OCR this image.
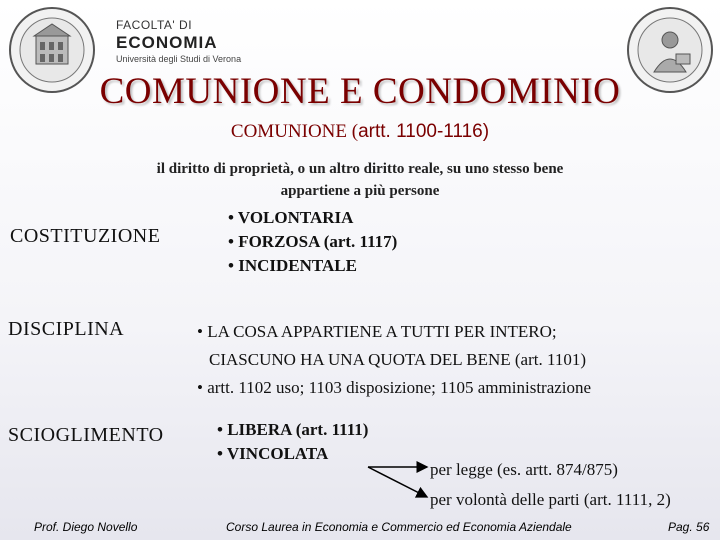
FACOLTA' DI
ECONOMIA
Università degli Studi di Verona
COMUNIONE E CONDOMINIO
COMUNIONE (artt. 1100-1116)
il diritto di proprietà, o un altro diritto reale, su uno stesso bene appartiene a più persone
COSTITUZIONE
• VOLONTARIA
• FORZOSA (art. 1117)
• INCIDENTALE
DISCIPLINA	• LA COSA APPARTIENE A TUTTI PER INTERO;
CIASCUNO HA UNA QUOTA DEL BENE (art. 1101)
• artt. 1102 uso; 1103 disposizione; 1105 amministrazione
SCIOGLIMENTO	• LIBERA (art. 1111)
• VINCOLATA
per legge (es. artt. 874/875)
per volontà delle parti (art. 1111, 2)
Prof. Diego Novello	Corso Laurea in Economia e Commercio ed Economia Aziendale	Pag. 56
